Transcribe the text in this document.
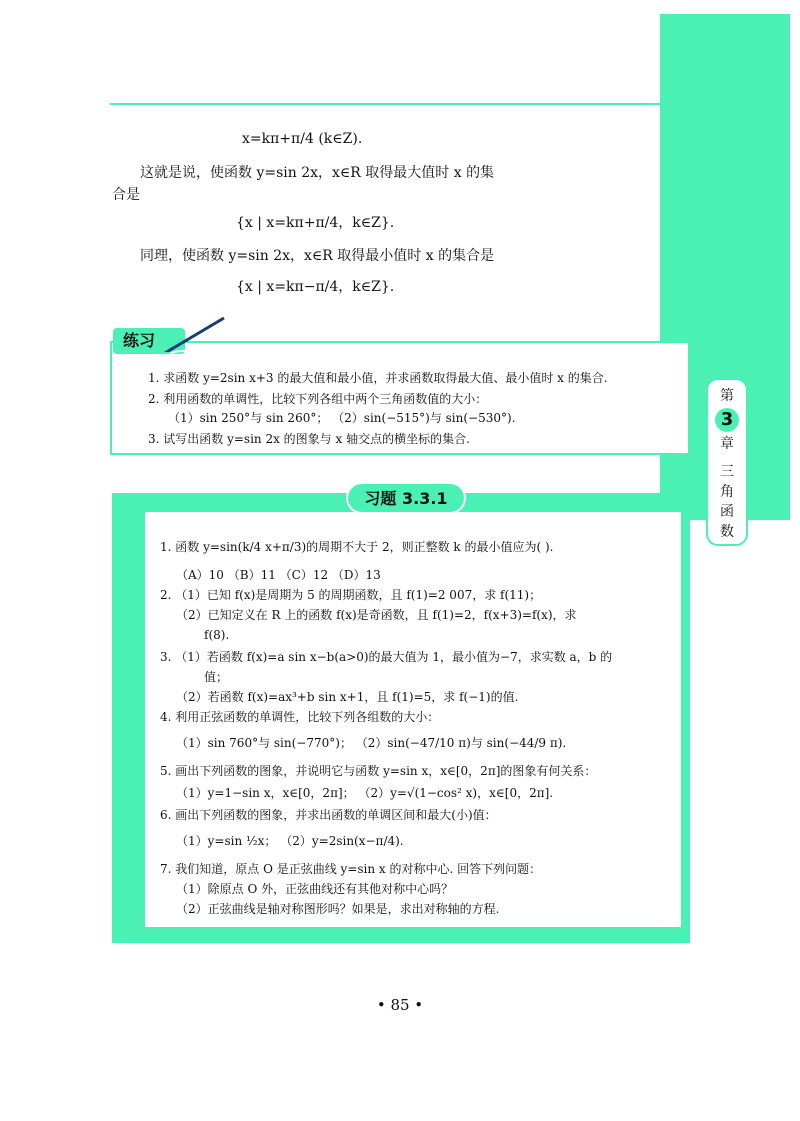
第
3
章
三
角
函
数
x=kπ+π/4 (k∈Z).
这就是说，使函数 y=sin 2x，x∈R 取得最大值时 x 的集
合是
{x | x=kπ+π/4，k∈Z}.
同理，使函数 y=sin 2x，x∈R 取得最小值时 x 的集合是
{x | x=kπ−π/4，k∈Z}.
练习
1. 求函数 y=2sin x+3 的最大值和最小值，并求函数取得最大值、最小值时 x 的集合.
2. 利用函数的单调性，比较下列各组中两个三角函数值的大小：
（1）sin 250°与 sin 260°； （2）sin(−515°)与 sin(−530°).
3. 试写出函数 y=sin 2x 的图象与 x 轴交点的横坐标的集合.
习题 3.3.1
1. 函数 y=sin(k/4 x+π/3)的周期不大于 2，则正整数 k 的最小值应为( ).
（A）10 （B）11 （C）12 （D）13
2. （1）已知 f(x)是周期为 5 的周期函数，且 f(1)=2 007，求 f(11)；
（2）已知定义在 R 上的函数 f(x)是奇函数，且 f(1)=2，f(x+3)=f(x)，求
f(8).
3. （1）若函数 f(x)=a sin x−b(a>0)的最大值为 1，最小值为−7，求实数 a，b 的
值；
（2）若函数 f(x)=ax³+b sin x+1，且 f(1)=5，求 f(−1)的值.
4. 利用正弦函数的单调性，比较下列各组数的大小：
（1）sin 760°与 sin(−770°)； （2）sin(−47/10 π)与 sin(−44/9 π).
5. 画出下列函数的图象，并说明它与函数 y=sin x，x∈[0，2π]的图象有何关系：
（1）y=1−sin x，x∈[0，2π]； （2）y=√(1−cos² x)，x∈[0，2π].
6. 画出下列函数的图象，并求出函数的单调区间和最大(小)值：
（1）y=sin ½x； （2）y=2sin(x−π/4).
7. 我们知道，原点 O 是正弦曲线 y=sin x 的对称中心. 回答下列问题：
（1）除原点 O 外，正弦曲线还有其他对称中心吗？
（2）正弦曲线是轴对称图形吗？如果是，求出对称轴的方程.
• 85 •
